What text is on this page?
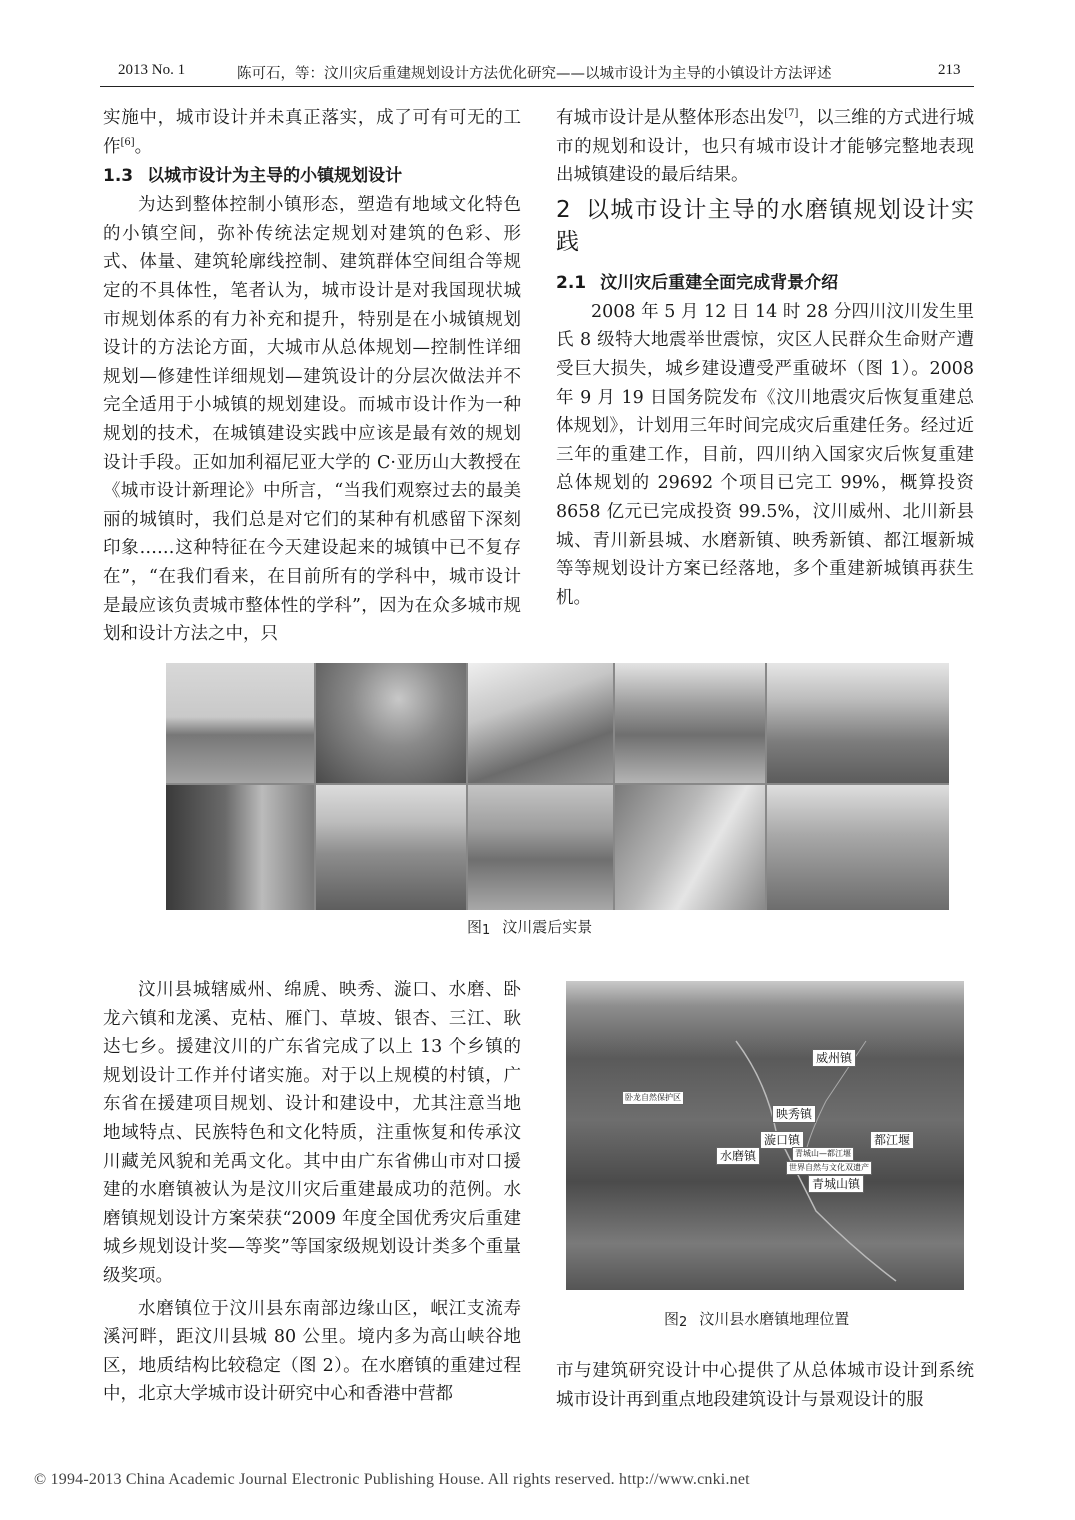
2013 No. 1	陈可石，等：汶川灾后重建规划设计方法优化研究——以城市设计为主导的小镇设计方法评述	213

实施中，城市设计并未真正落实，成了可有可无的工作[6]。

1.3 以城市设计为主导的小镇规划设计

为达到整体控制小镇形态，塑造有地域文化特色的小镇空间，弥补传统法定规划对建筑的色彩、形式、体量、建筑轮廓线控制、建筑群体空间组合等规定的不具体性，笔者认为，城市设计是对我国现状城市规划体系的有力补充和提升，特别是在小城镇规划设计的方法论方面，大城市从总体规划—控制性详细规划—修建性详细规划—建筑设计的分层次做法并不完全适用于小城镇的规划建设。而城市设计作为一种规划的技术，在城镇建设实践中应该是最有效的规划设计手段。正如加利福尼亚大学的 C·亚历山大教授在《城市设计新理论》中所言，“当我们观察过去的最美丽的城镇时，我们总是对它们的某种有机感留下深刻印象……这种特征在今天建设起来的城镇中已不复存在”，“在我们看来，在目前所有的学科中，城市设计是最应该负责城市整体性的学科”，因为在众多城市规划和设计方法之中，只

有城市设计是从整体形态出发[7]，以三维的方式进行城市的规划和设计，也只有城市设计才能够完整地表现出城镇建设的最后结果。

2 以城市设计主导的水磨镇规划设计实践
2.1 汶川灾后重建全面完成背景介绍

2008 年 5 月 12 日 14 时 28 分四川汶川发生里氏 8 级特大地震举世震惊，灾区人民群众生命财产遭受巨大损失，城乡建设遭受严重破坏（图 1）。2008 年 9 月 19 日国务院发布《汶川地震灾后恢复重建总体规划》，计划用三年时间完成灾后重建任务。经过近三年的重建工作，目前，四川纳入国家灾后恢复重建总体规划的 29692 个项目已完工 99%，概算投资 8658 亿元已完成投资 99.5%，汶川威州、北川新县城、青川新县城、水磨新镇、映秀新镇、都江堰新城等等规划设计方案已经落地，多个重建新城镇再获生机。

图1 汶川震后实景

汶川县城辖威州、绵虒、映秀、漩口、水磨、卧龙六镇和龙溪、克枯、雁门、草坡、银杏、三江、耿达七乡。援建汶川的广东省完成了以上 13 个乡镇的规划设计工作并付诸实施。对于以上规模的村镇，广东省在援建项目规划、设计和建设中，尤其注意当地地域特点、民族特色和文化特质，注重恢复和传承汶川藏羌风貌和羌禹文化。其中由广东省佛山市对口援建的水磨镇被认为是汶川灾后重建最成功的范例。水磨镇规划设计方案荣获“2009 年度全国优秀灾后重建城乡规划设计奖—等奖”等国家级规划设计类多个重量级奖项。

水磨镇位于汶川县东南部边缘山区，岷江支流寿溪河畔，距汶川县城 80 公里。境内多为高山峡谷地区，地质结构比较稳定（图 2）。在水磨镇的重建过程中，北京大学城市设计研究中心和香港中营都

威州镇
卧龙自然保护区
映秀镇
漩口镇	都江堰
水磨镇	青城山—都江堰
世界自然与文化双遗产
青城山镇
图2 汶川县水磨镇地理位置

市与建筑研究设计中心提供了从总体城市设计到系统城市设计再到重点地段建筑设计与景观设计的服

© 1994-2013 China Academic Journal Electronic Publishing House. All rights reserved. http://www.cnki.net
